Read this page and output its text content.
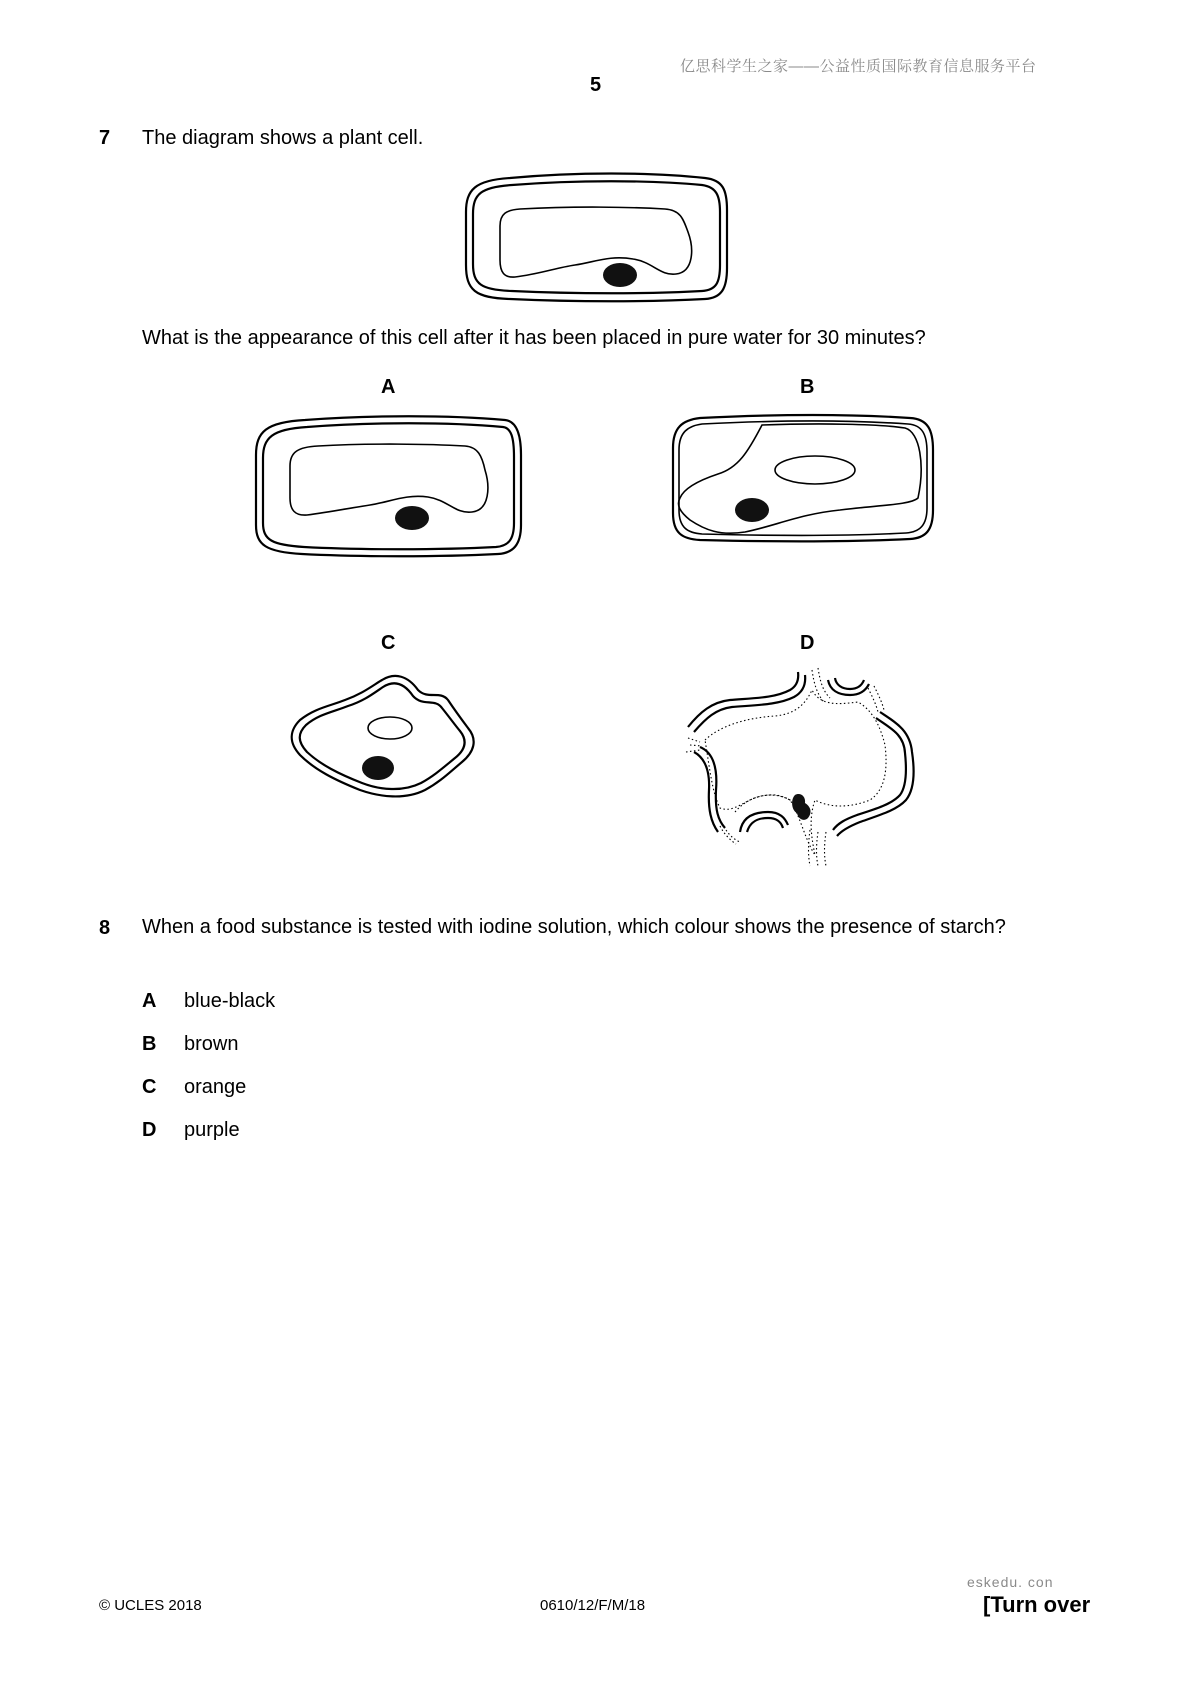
亿思科学生之家——公益性质国际教育信息服务平台
5
7 The diagram shows a plant cell.
What is the appearance of this cell after it has been placed in pure water for 30 minutes?
A	B
C	D
8 When a food substance is tested with iodine solution, which colour shows the presence of starch?
A blue-black
B brown
C orange
D purple
eskedu. con
© UCLES 2018	0610/12/F/M/18	[Turn over
